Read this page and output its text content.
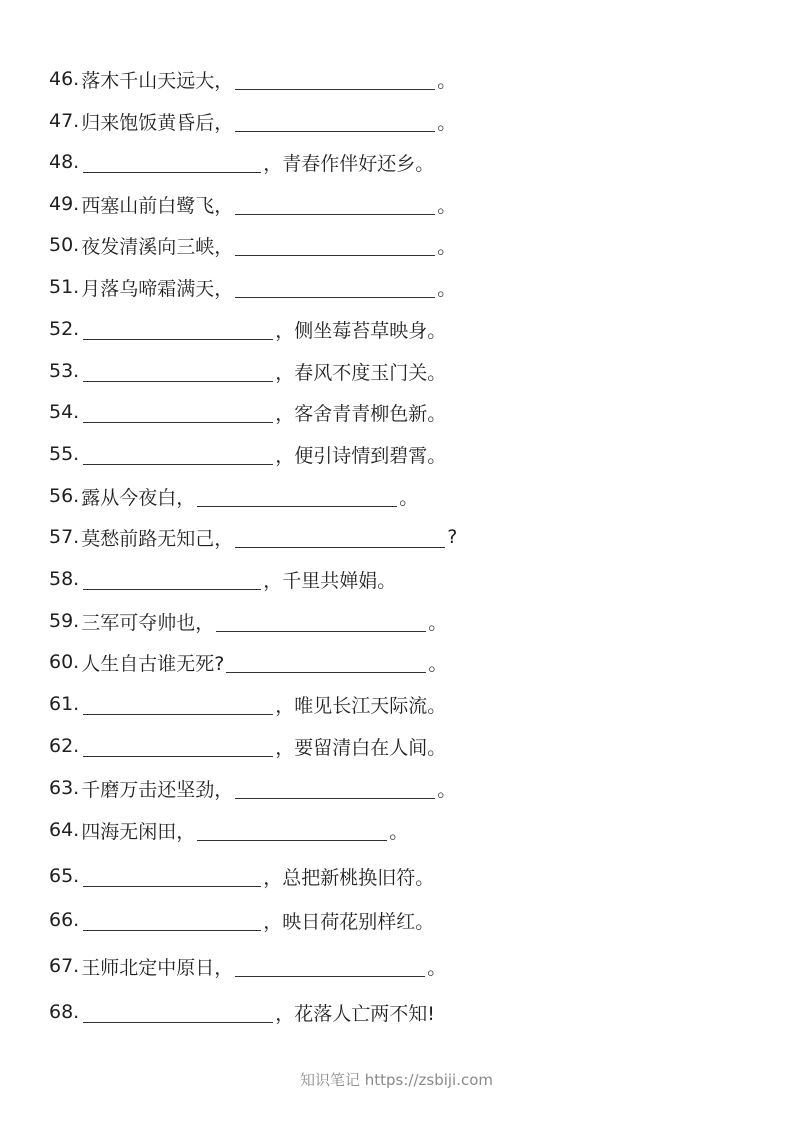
46. 落木千山天远大，	。
47. 归来饱饭黄昏后，	。
48.	，青春作伴好还乡。
49. 西塞山前白鹭飞，	。
50. 夜发清溪向三峡，	。
51. 月落乌啼霜满天，	。
52.	，侧坐莓苔草映身。
53.	，春风不度玉门关。
54.	，客舍青青柳色新。
55.	，便引诗情到碧霄。
56. 露从今夜白，	。
57. 莫愁前路无知己，	?
58.	，千里共婵娟。
59. 三军可夺帅也，	。
60. 人生自古谁无死?	。
61.	，唯见长江天际流。
62.	，要留清白在人间。
63. 千磨万击还坚劲，	。
64. 四海无闲田，	。
65.	，总把新桃换旧符。
66.	，映日荷花别样红。
67. 王师北定中原日，	。
68.	，花落人亡两不知!
知识笔记 https://zsbiji.com
